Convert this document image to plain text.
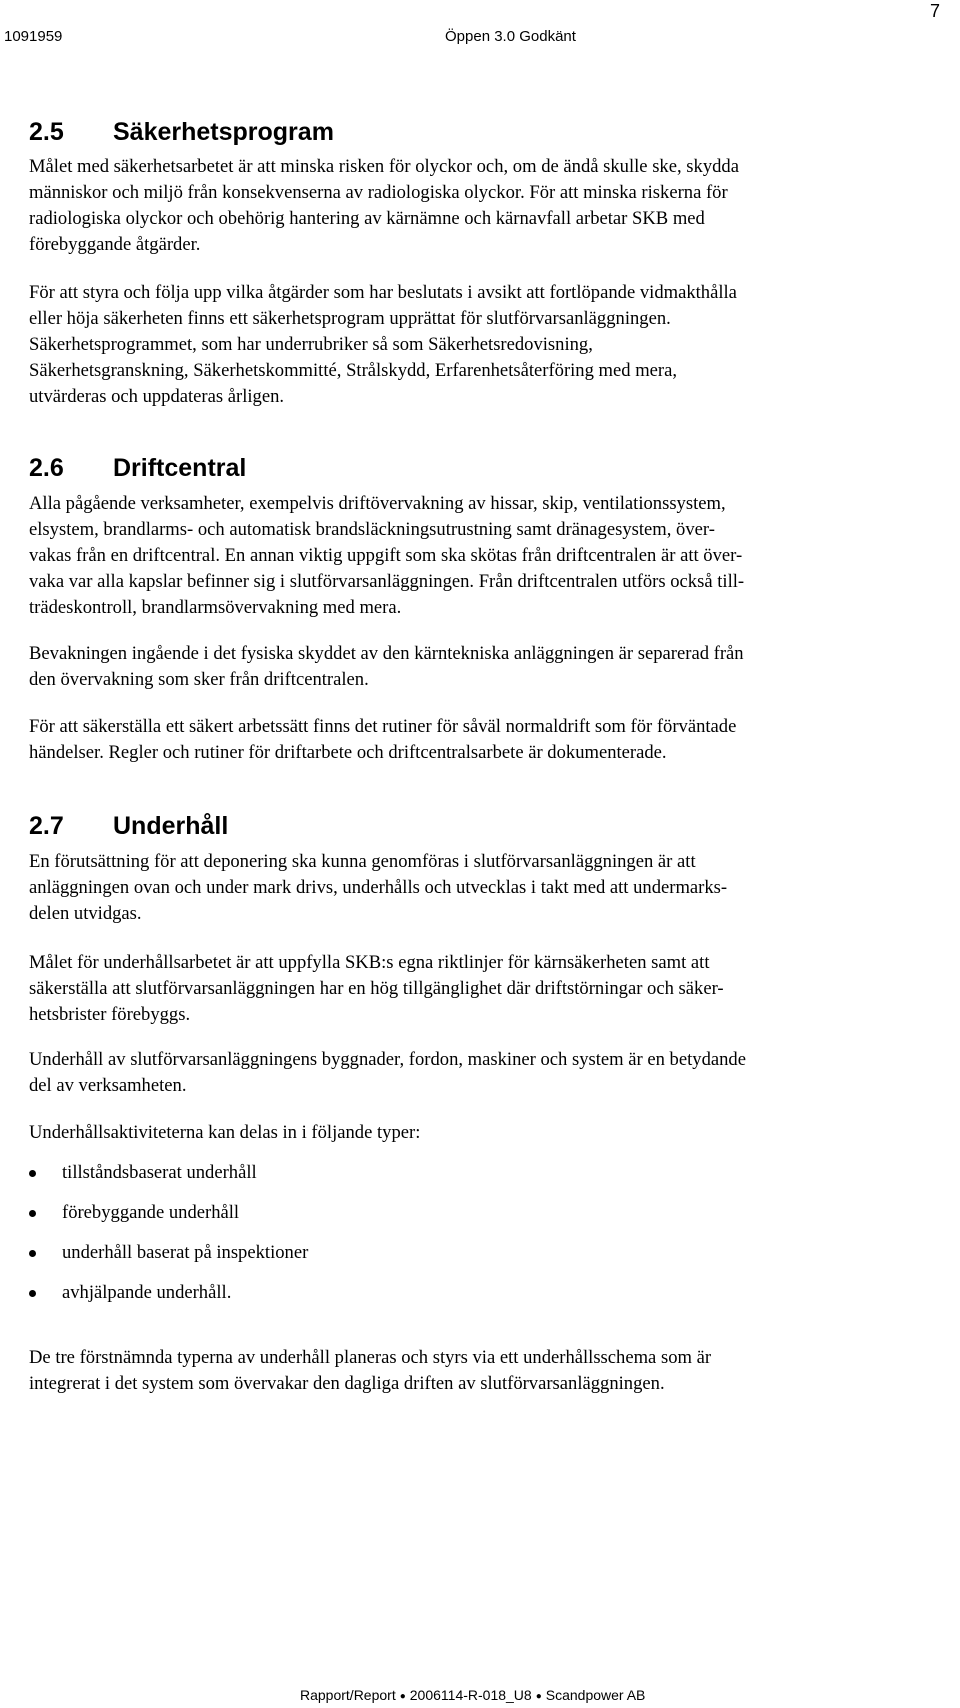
1091959	Öppen 3.0 Godkänt
7
2.5 Säkerhetsprogram
Målet med säkerhetsarbetet är att minska risken för olyckor och, om de ändå skulle ske, skydda
människor och miljö från konsekvenserna av radiologiska olyckor. För att minska riskerna för
radiologiska olyckor och obehörig hantering av kärnämne och kärnavfall arbetar SKB med
förebyggande åtgärder.
För att styra och följa upp vilka åtgärder som har beslutats i avsikt att fortlöpande vidmakthålla
eller höja säkerheten finns ett säkerhetsprogram upprättat för slutförvarsanläggningen.
Säkerhetsprogrammet, som har underrubriker så som Säkerhetsredovisning,
Säkerhetsgranskning, Säkerhetskommitté, Strålskydd, Erfarenhetsåterföring med mera,
utvärderas och uppdateras årligen.
2.6 Driftcentral
Alla pågående verksamheter, exempelvis driftövervakning av hissar, skip, ventilationssystem,
elsystem, brandlarms- och automatisk brandsläckningsutrustning samt dränagesystem, över-
vakas från en driftcentral. En annan viktig uppgift som ska skötas från driftcentralen är att över-
vaka var alla kapslar befinner sig i slutförvarsanläggningen. Från driftcentralen utförs också till-
trädeskontroll, brandlarmsövervakning med mera.
Bevakningen ingående i det fysiska skyddet av den kärntekniska anläggningen är separerad från
den övervakning som sker från driftcentralen.
För att säkerställa ett säkert arbetssätt finns det rutiner för såväl normaldrift som för förväntade
händelser. Regler och rutiner för driftarbete och driftcentralsarbete är dokumenterade.
2.7 Underhåll
En förutsättning för att deponering ska kunna genomföras i slutförvarsanläggningen är att
anläggningen ovan och under mark drivs, underhålls och utvecklas i takt med att undermarks-
delen utvidgas.
Målet för underhållsarbetet är att uppfylla SKB:s egna riktlinjer för kärnsäkerheten samt att
säkerställa att slutförvarsanläggningen har en hög tillgänglighet där driftstörningar och säker-
hetsbrister förebyggs.
Underhåll av slutförvarsanläggningens byggnader, fordon, maskiner och system är en betydande
del av verksamheten.
Underhållsaktiviteterna kan delas in i följande typer:
tillståndsbaserat underhåll
förebyggande underhåll
underhåll baserat på inspektioner
avhjälpande underhåll.
De tre förstnämnda typerna av underhåll planeras och styrs via ett underhållsschema som är
integrerat i det system som övervakar den dagliga driften av slutförvarsanläggningen.
Rapport/Report ● 2006114-R-018_U8 ● Scandpower AB
